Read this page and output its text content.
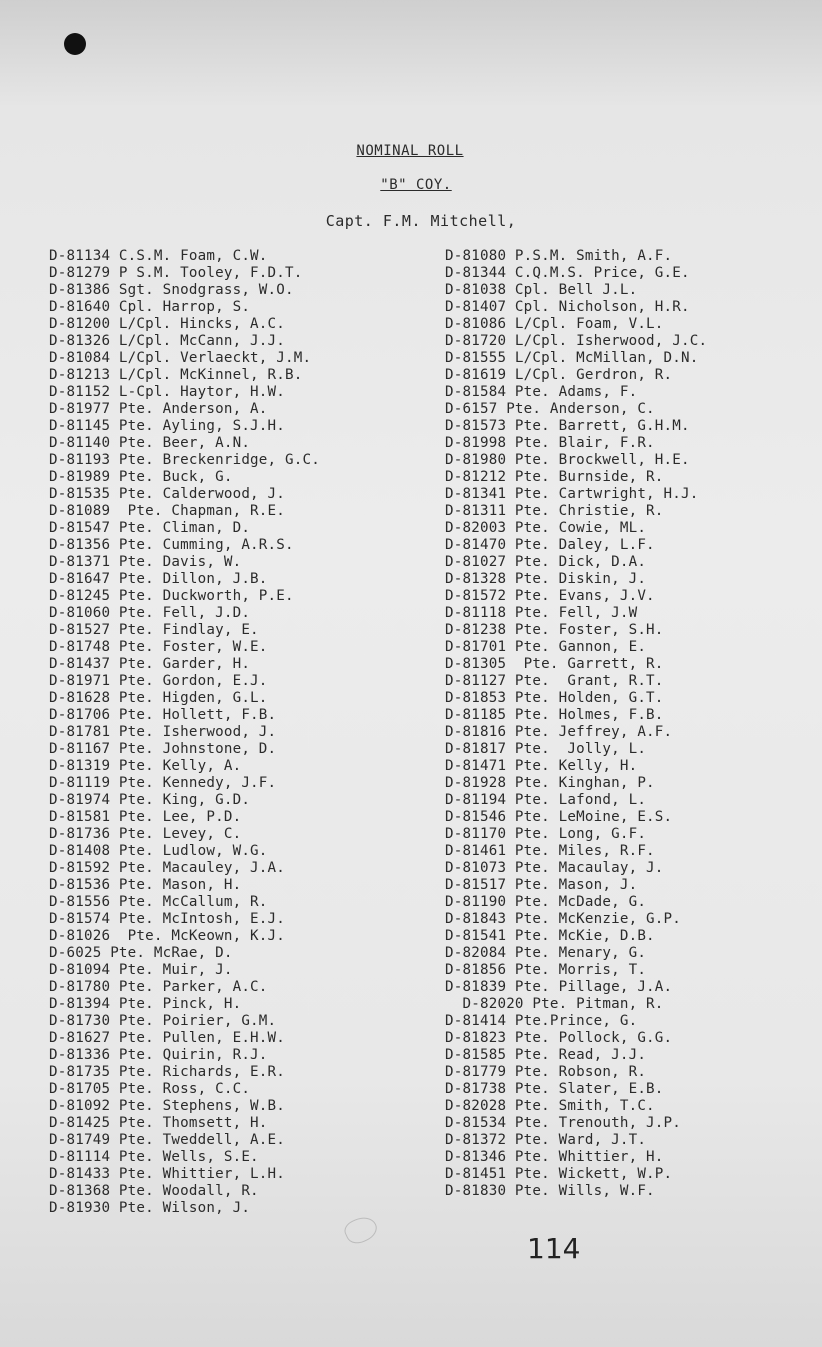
NOMINAL ROLL
"B" COY.
Capt. F.M. Mitchell,
D-81134 C.S.M. Foam, C.W.
D-81279 P S.M. Tooley, F.D.T.
D-81386 Sgt. Snodgrass, W.O.
D-81640 Cpl. Harrop, S.
D-81200 L/Cpl. Hincks, A.C.
D-81326 L/Cpl. McCann, J.J.
D-81084 L/Cpl. Verlaeckt, J.M.
D-81213 L/Cpl. McKinnel, R.B.
D-81152 L-Cpl. Haytor, H.W.
D-81977 Pte. Anderson, A.
D-81145 Pte. Ayling, S.J.H.
D-81140 Pte. Beer, A.N.
D-81193 Pte. Breckenridge, G.C.
D-81989 Pte. Buck, G.
D-81535 Pte. Calderwood, J.
D-81089  Pte. Chapman, R.E.
D-81547 Pte. Climan, D.
D-81356 Pte. Cumming, A.R.S.
D-81371 Pte. Davis, W.
D-81647 Pte. Dillon, J.B.
D-81245 Pte. Duckworth, P.E.
D-81060 Pte. Fell, J.D.
D-81527 Pte. Findlay, E.
D-81748 Pte. Foster, W.E.
D-81437 Pte. Garder, H.
D-81971 Pte. Gordon, E.J.
D-81628 Pte. Higden, G.L.
D-81706 Pte. Hollett, F.B.
D-81781 Pte. Isherwood, J.
D-81167 Pte. Johnstone, D.
D-81319 Pte. Kelly, A.
D-81119 Pte. Kennedy, J.F.
D-81974 Pte. King, G.D.
D-81581 Pte. Lee, P.D.
D-81736 Pte. Levey, C.
D-81408 Pte. Ludlow, W.G.
D-81592 Pte. Macauley, J.A.
D-81536 Pte. Mason, H.
D-81556 Pte. McCallum, R.
D-81574 Pte. McIntosh, E.J.
D-81026  Pte. McKeown, K.J.
D-6025 Pte. McRae, D.
D-81094 Pte. Muir, J.
D-81780 Pte. Parker, A.C.
D-81394 Pte. Pinck, H.
D-81730 Pte. Poirier, G.M.
D-81627 Pte. Pullen, E.H.W.
D-81336 Pte. Quirin, R.J.
D-81735 Pte. Richards, E.R.
D-81705 Pte. Ross, C.C.
D-81092 Pte. Stephens, W.B.
D-81425 Pte. Thomsett, H.
D-81749 Pte. Tweddell, A.E.
D-81114 Pte. Wells, S.E.
D-81433 Pte. Whittier, L.H.
D-81368 Pte. Woodall, R.
D-81930 Pte. Wilson, J.
D-81080 P.S.M. Smith, A.F.
D-81344 C.Q.M.S. Price, G.E.
D-81038 Cpl. Bell J.L.
D-81407 Cpl. Nicholson, H.R.
D-81086 L/Cpl. Foam, V.L.
D-81720 L/Cpl. Isherwood, J.C.
D-81555 L/Cpl. McMillan, D.N.
D-81619 L/Cpl. Gerdron, R.
D-81584 Pte. Adams, F.
D-6157 Pte. Anderson, C.
D-81573 Pte. Barrett, G.H.M.
D-81998 Pte. Blair, F.R.
D-81980 Pte. Brockwell, H.E.
D-81212 Pte. Burnside, R.
D-81341 Pte. Cartwright, H.J.
D-81311 Pte. Christie, R.
D-82003 Pte. Cowie, ML.
D-81470 Pte. Daley, L.F.
D-81027 Pte. Dick, D.A.
D-81328 Pte. Diskin, J.
D-81572 Pte. Evans, J.V.
D-81118 Pte. Fell, J.W
D-81238 Pte. Foster, S.H.
D-81701 Pte. Gannon, E.
D-81305  Pte. Garrett, R.
D-81127 Pte.  Grant, R.T.
D-81853 Pte. Holden, G.T.
D-81185 Pte. Holmes, F.B.
D-81816 Pte. Jeffrey, A.F.
D-81817 Pte.  Jolly, L.
D-81471 Pte. Kelly, H.
D-81928 Pte. Kinghan, P.
D-81194 Pte. Lafond, L.
D-81546 Pte. LeMoine, E.S.
D-81170 Pte. Long, G.F.
D-81461 Pte. Miles, R.F.
D-81073 Pte. Macaulay, J.
D-81517 Pte. Mason, J.
D-81190 Pte. McDade, G.
D-81843 Pte. McKenzie, G.P.
D-81541 Pte. McKie, D.B.
D-82084 Pte. Menary, G.
D-81856 Pte. Morris, T.
D-81839 Pte. Pillage, J.A.
D-82020 Pte. Pitman, R.
D-81414 Pte.Prince, G.
D-81823 Pte. Pollock, G.G.
D-81585 Pte. Read, J.J.
D-81779 Pte. Robson, R.
D-81738 Pte. Slater, E.B.
D-82028 Pte. Smith, T.C.
D-81534 Pte. Trenouth, J.P.
D-81372 Pte. Ward, J.T.
D-81346 Pte. Whittier, H.
D-81451 Pte. Wickett, W.P.
D-81830 Pte. Wills, W.F.
114
